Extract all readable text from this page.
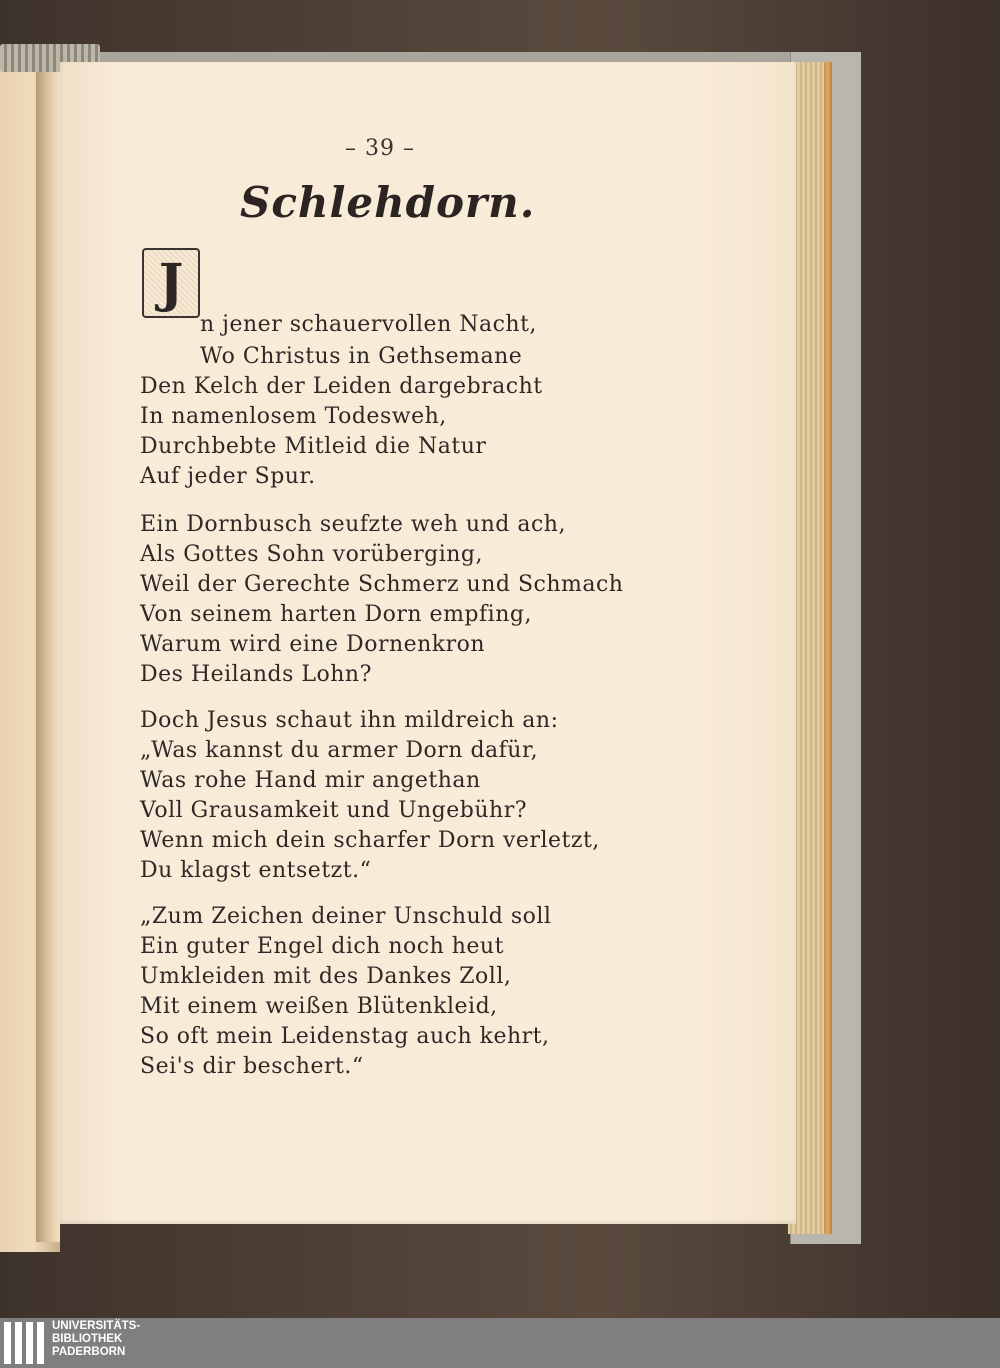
– 39 –
Schlehdorn.
J
n jener schauervollen Nacht,
Wo Christus in Gethsemane
Den Kelch der Leiden dargebracht
In namenlosem Todesweh,
Durchbebte Mitleid die Natur
Auf jeder Spur.
Ein Dornbusch seufzte weh und ach,
Als Gottes Sohn vorüberging,
Weil der Gerechte Schmerz und Schmach
Von seinem harten Dorn empfing,
Warum wird eine Dornenkron
Des Heilands Lohn?
Doch Jesus schaut ihn mildreich an:
„Was kannst du armer Dorn dafür,
Was rohe Hand mir angethan
Voll Grausamkeit und Ungebühr?
Wenn mich dein scharfer Dorn verletzt,
Du klagst entsetzt.“
„Zum Zeichen deiner Unschuld soll
Ein guter Engel dich noch heut
Umkleiden mit des Dankes Zoll,
Mit einem weißen Blütenkleid,
So oft mein Leidenstag auch kehrt,
Sei's dir beschert.“
UNIVERSITÄTS-
BIBLIOTHEK
PADERBORN
